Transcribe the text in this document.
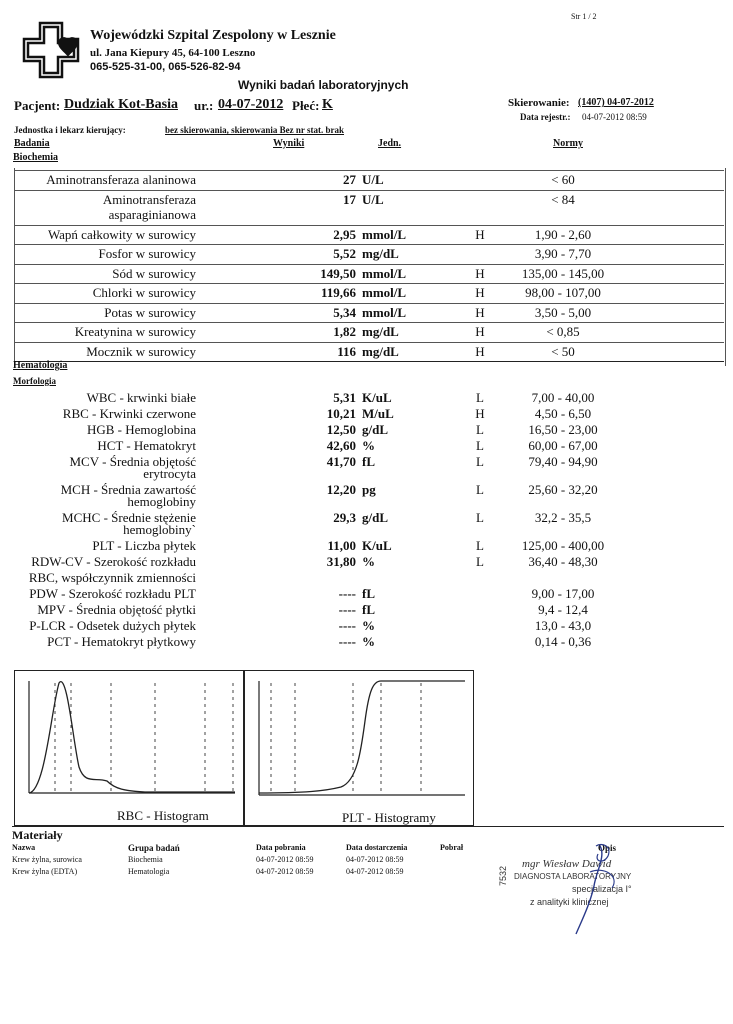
Str 1 / 2
Wojewódzki Szpital Zespolony w Lesznie
ul. Jana Kiepury 45, 64-100 Leszno
065-525-31-00, 065-526-82-94
Wyniki badań laboratoryjnych
Pacjent: Dudziak Kot-Basia ur.: 04-07-2012 Płeć: K	Skierowanie: (1407) 04-07-2012
Data rejestr.: 04-07-2012 08:59
Jednostka i lekarz kierujący:	bez skierowania, skierowania Bez nr stat. brak
Badania	Wyniki	Jedn.	Normy
Biochemia
Aminotransferaza alaninowa	27 U/L	< 60
Aminotransferaza
asparaginianowa
17 U/L	< 84
Wapń całkowity w surowicy	2,95 mmol/L	H	1,90 - 2,60
Fosfor w surowicy	5,52 mg/dL	3,90 - 7,70
Sód w surowicy	149,50 mmol/L	H	135,00 - 145,00
Chlorki w surowicy	119,66 mmol/L	H	98,00 - 107,00
Potas w surowicy	5,34 mmol/L	H	3,50 - 5,00
Kreatynina w surowicy	1,82 mg/dL	H	< 0,85
Mocznik w surowicy	116 mg/dL	H	< 50
Hematologia
Morfologia
WBC - krwinki białe	5,31 K/uL	L	7,00 - 40,00
RBC - Krwinki czerwone	10,21 M/uL	H	4,50 - 6,50
HGB - Hemoglobina	12,50 g/dL	L	16,50 - 23,00
HCT - Hematokryt	42,60 %	L	60,00 - 67,00
MCV - Średnia objętość
erytrocyta
41,70 fL	L	79,40 - 94,90
MCH - Średnia zawartość
hemoglobiny
12,20 pg	L	25,60 - 32,20
MCHC - Średnie stężenie
hemoglobiny`
29,3 g/dL	L	32,2 - 35,5
PLT - Liczba płytek	11,00 K/uL	L	125,00 - 400,00
RDW-CV - Szerokość rozkładu	31,80 %	L	36,40 - 48,30
RBC, współczynnik zmienności
PDW - Szerokość rozkładu PLT	---- fL	9,00 - 17,00
MPV - Średnia objętość płytki	---- fL	9,4 - 12,4
P-LCR - Odsetek dużych płytek	---- %	13,0 - 43,0
PCT - Hematokryt płytkowy	---- %	0,14 - 0,36
RBC - Histogram	PLT - Histogramy
Materiały
Nazwa	Grupa badań	Data pobrania	Data dostarczenia	Pobrał	Opis
Krew żylna, surowica	Biochemia	04-07-2012 08:59	04-07-2012 08:59
Krew żylna (EDTA)	Hematologia	04-07-2012 08:59	04-07-2012 08:59
mgr Wiesław Dawid
DIAGNOSTA LABORATORYJNY
specjalizacja I°
z analityki klinicznej
7532
